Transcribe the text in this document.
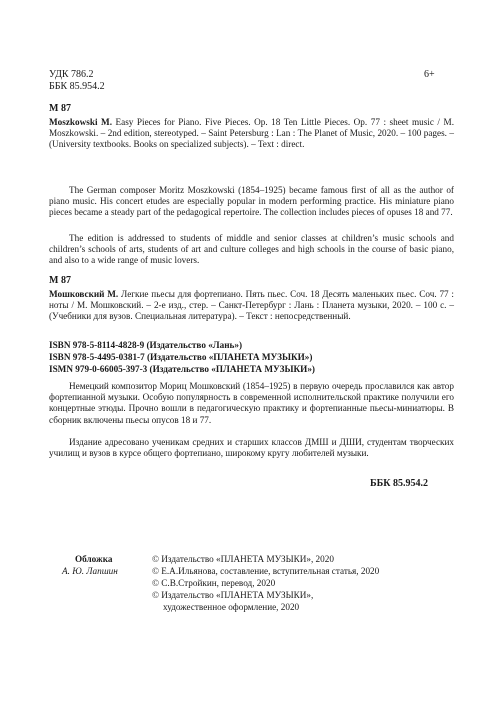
УДК 786.2	6+
ББК 85.954.2
M 87

Moszkowski M. Easy Pieces for Piano. Five Pieces. Op. 18 Ten Little Pieces. Op. 77 : sheet music / M. Moszkowski. – 2nd edition, stereotyped. – Saint Petersburg : Lan : The Planet of Music, 2020. – 100 pages. – (University textbooks. Books on specialized subjects). – Text : direct.

The German composer Moritz Moszkowski (1854–1925) became famous first of all as the author of piano music. His concert etudes are especially popular in modern performing practice. His miniature piano pieces became a steady part of the pedagogical repertoire. The collection includes pieces of opuses 18 and 77.

The edition is addressed to students of middle and senior classes at children’s music schools and children’s schools of arts, students of art and culture colleges and high schools in the course of basic piano, and also to a wide range of music lovers.

M 87

Мошковский М. Легкие пьесы для фортепиано. Пять пьес. Соч. 18 Десять маленьких пьес. Соч. 77 : ноты / М. Мошковский. – 2-е изд., стер. – Санкт-Петербург : Лань : Планета музыки, 2020. – 100 с. – (Учебники для вузов. Специальная литература). – Текст : непосредственный.

ISBN 978-5-8114-4828-9 (Издательство «Лань»)
ISBN 978-5-4495-0381-7 (Издательство «ПЛАНЕТА МУЗЫКИ»)
ISMN 979-0-66005-397-3 (Издательство «ПЛАНЕТА МУЗЫКИ»)

Немецкий композитор Мориц Мошковский (1854–1925) в первую очередь прославился как автор фортепианной музыки. Особую популярность в современной исполнительской практике получили его концертные этюды. Прочно вошли в педагогическую практику и фортепианные пьесы-миниатюры. В сборник включены пьесы опусов 18 и 77.

Издание адресовано ученикам средних и старших классов ДМШ и ДШИ, студентам творческих училищ и вузов в курсе общего фортепиано, широкому кругу любителей музыки.

ББК 85.954.2
Обложка
А. Ю. Лапшин
© Издательство «ПЛАНЕТА МУЗЫКИ», 2020
© Е.А.Ильянова, составление, вступительная статья, 2020
© С.В.Стройкин, перевод, 2020
© Издательство «ПЛАНЕТА МУЗЫКИ»,
художественное оформление, 2020
